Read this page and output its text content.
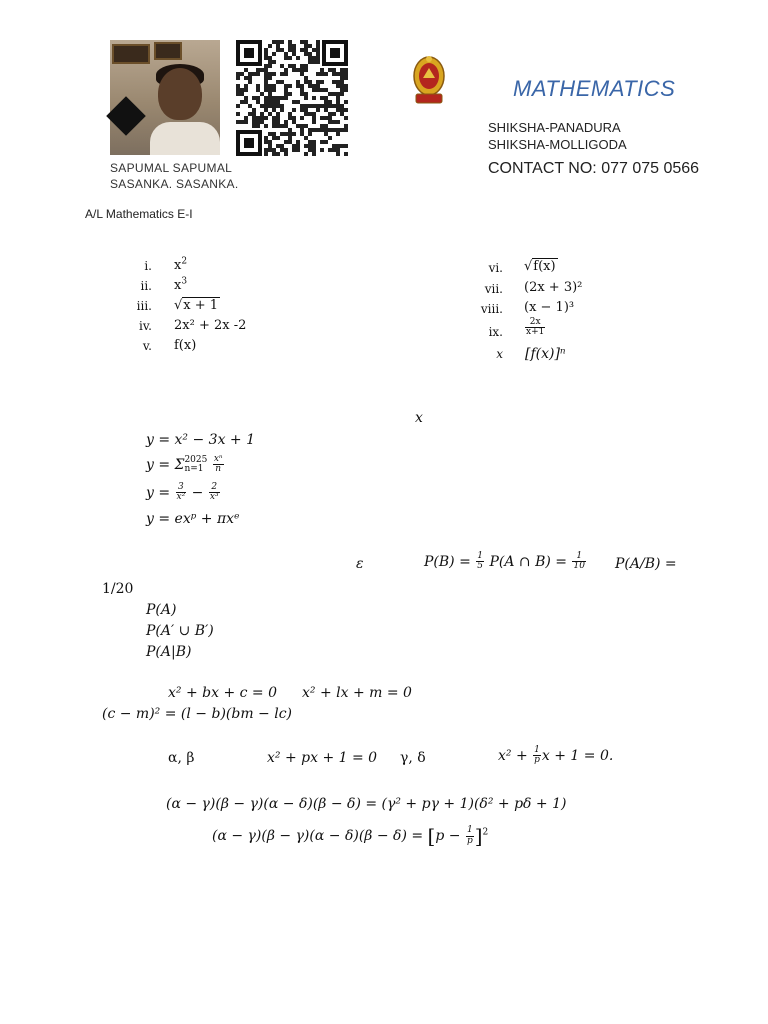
SAPUMAL SAPUMAL
SASANKA. SASANKA.
MATHEMATICS
SHIKSHA-PANADURA
SHIKSHA-MOLLIGODA
CONTACT NO: 077 075 0566
A/L Mathematics E-I
i. $x^2$
ii. $x^3$
iii. √x + 1
iv. 2x² + 2x -2
v. f(x)
vi. √f(x)
vii. (2x + 3)²
viii. (x − 1)³
ix. $\frac{2x}{x+1}$
x [f(x)]ⁿ
x
y = x² − 3x + 1
y = Σ 2025
n=1
	$\frac{\text{xⁿ}}{n}$
$y = \frac{3}{\text{x²}} - \frac{2}{\text{x³}}$
y = exᵖ + πxᵉ
ε	$P(B) = \frac{1}{5} P(A$ ∩ $B) = \frac{1}{10} P(A/B)$ =
1/20
P(A)
P(A′ ∪ B′)
P(A|B)
x² + bx + c = 0 x² + lx + m = 0
(c − m)² = (l − b)(bm − lc)
α, β	x² + px + 1 = 0 γ, δ	$x^2 + \frac{1}{p}$ x + 1 = 0.
(α − γ)(β − γ)(α − δ)(β − δ) = (γ² + pγ + 1)(δ² + pδ + 1)
$(\alpha - \gamma)(\beta - \gamma)(\alpha - \delta)(\beta - \delta) = [p - \frac{1}{p} ]^2$
